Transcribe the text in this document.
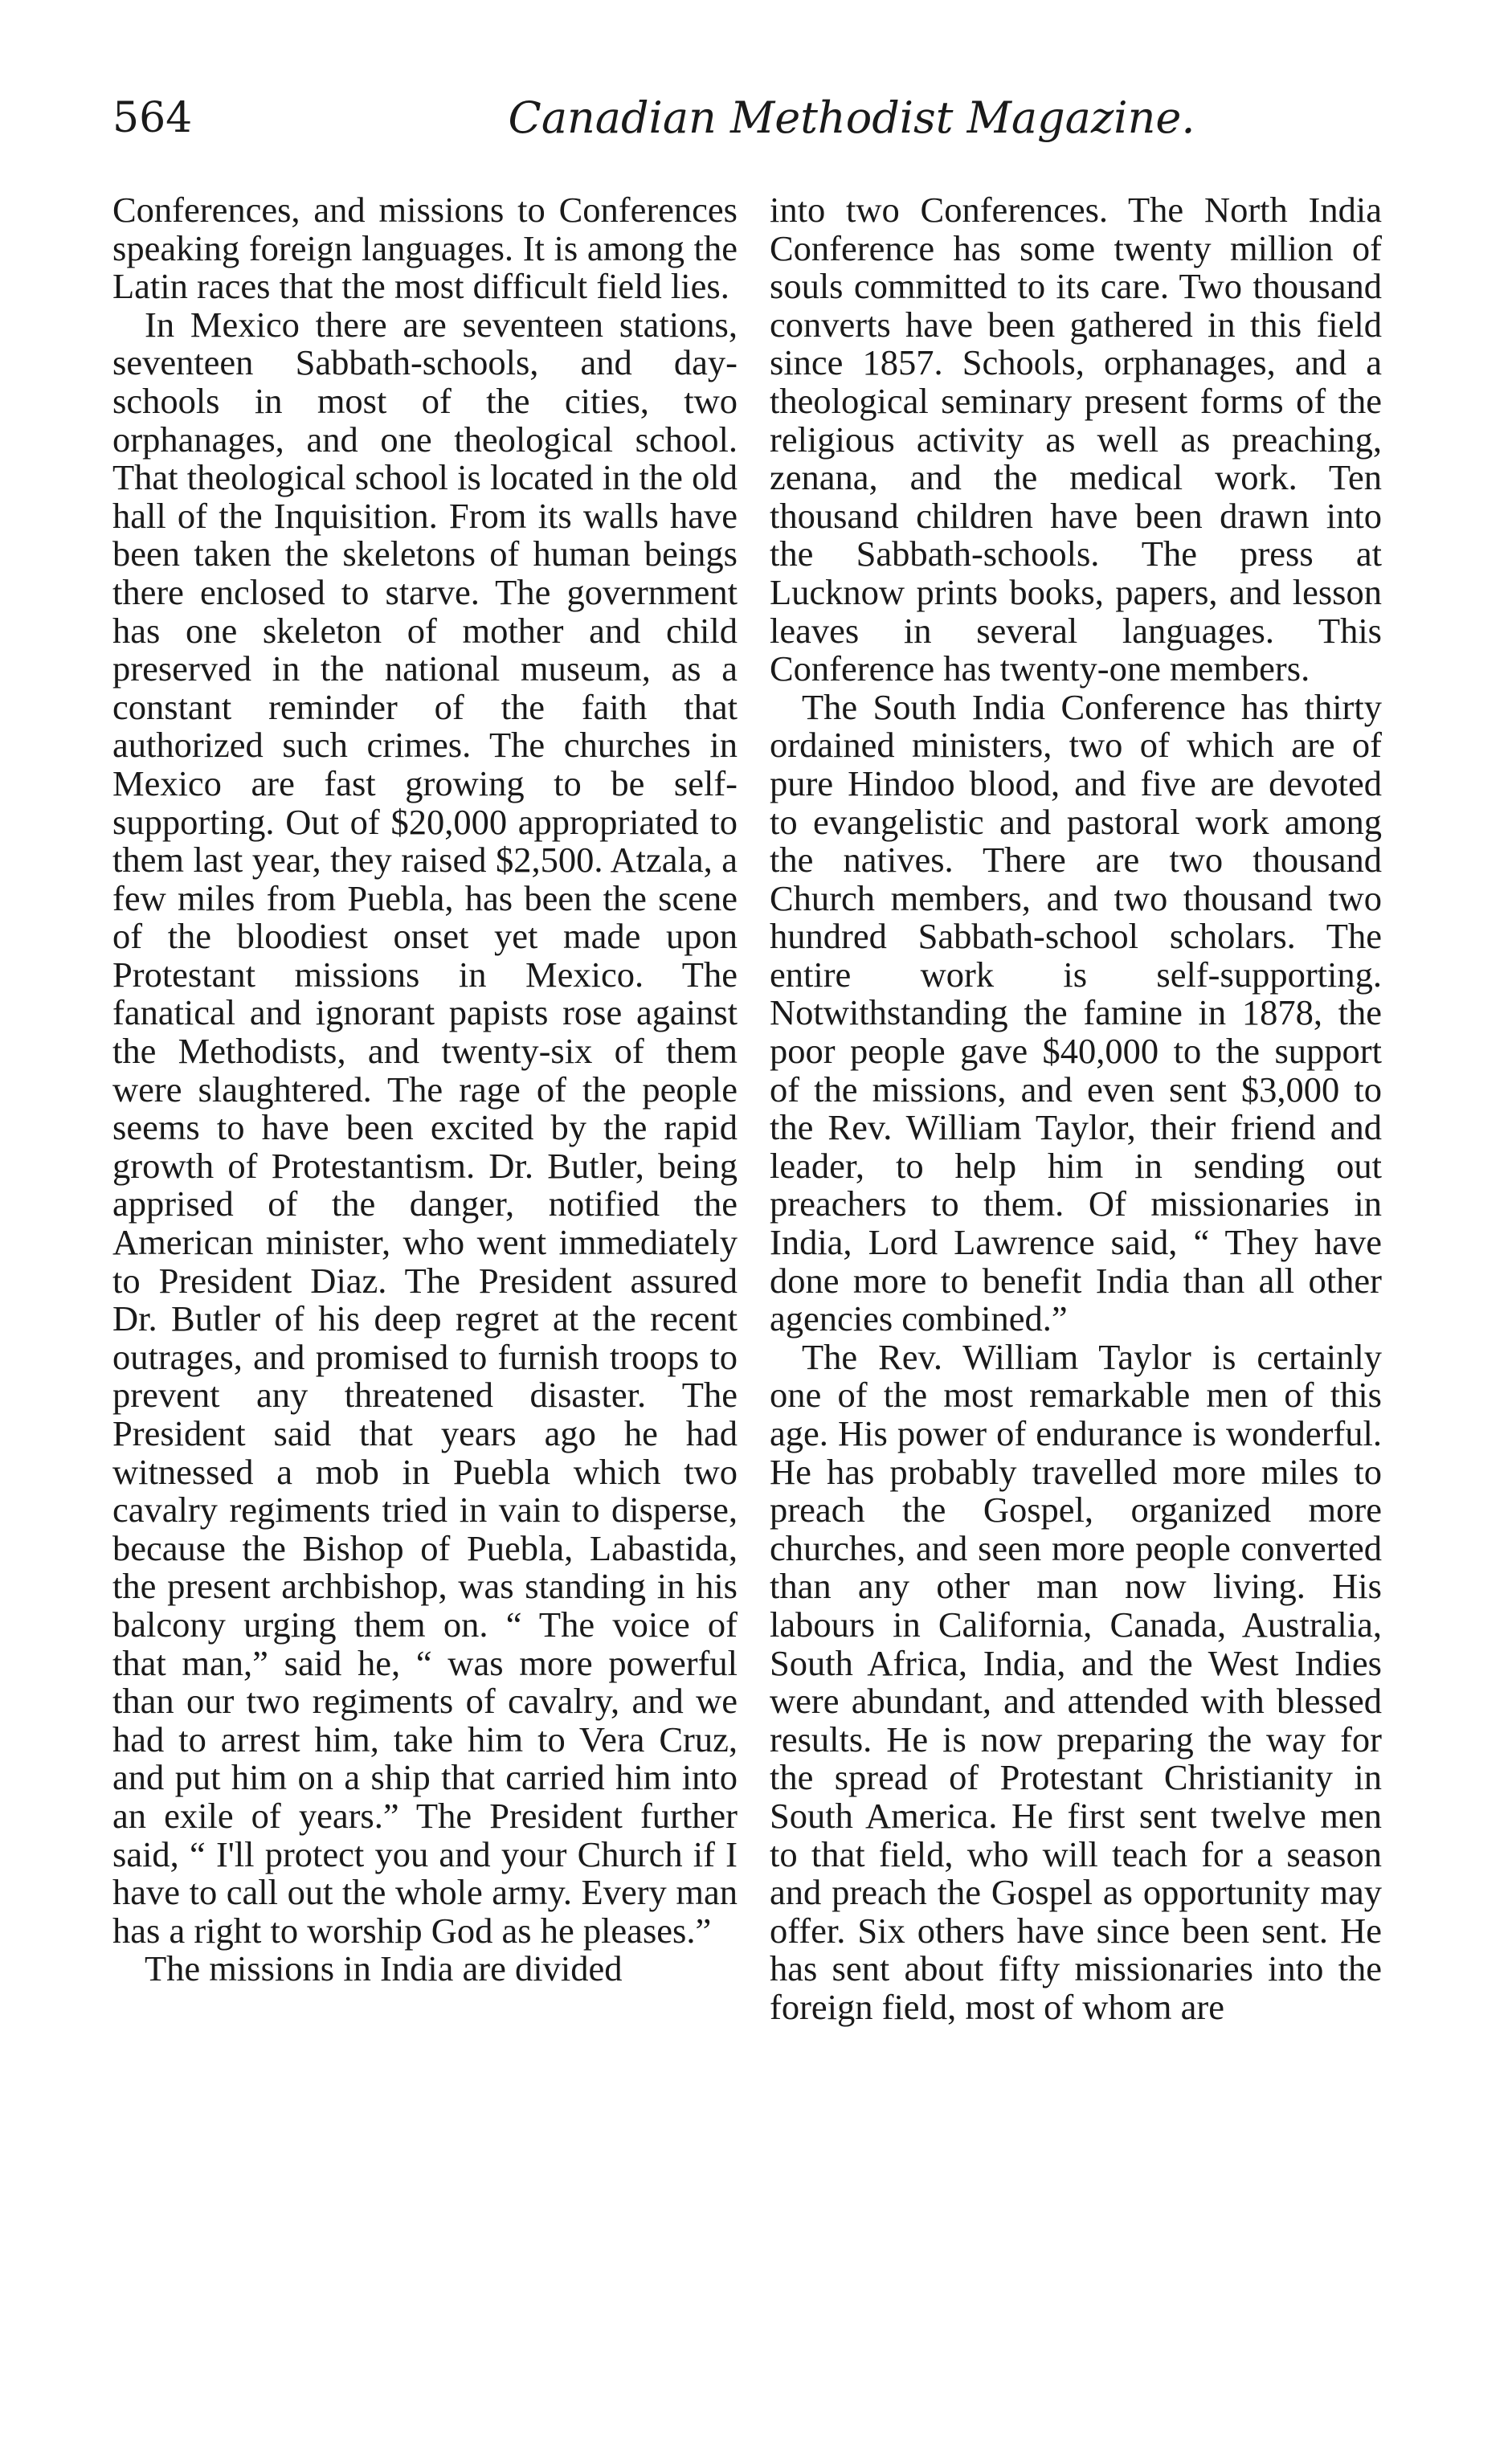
564	Canadian Methodist Magazine.

Conferences, and missions to Conferences speaking foreign languages. It is among the Latin races that the most difficult field lies.

In Mexico there are seventeen stations, seventeen Sabbath-schools, and day-schools in most of the cities, two orphanages, and one theological school. That theological school is located in the old hall of the Inquisition. From its walls have been taken the skeletons of human beings there enclosed to starve. The government has one skeleton of mother and child preserved in the national museum, as a constant reminder of the faith that authorized such crimes. The churches in Mexico are fast growing to be self-supporting. Out of $20,000 appropriated to them last year, they raised $2,500. Atzala, a few miles from Puebla, has been the scene of the bloodiest onset yet made upon Protestant missions in Mexico. The fanatical and ignorant papists rose against the Methodists, and twenty-six of them were slaughtered. The rage of the people seems to have been excited by the rapid growth of Protestantism. Dr. Butler, being apprised of the danger, notified the American minister, who went immediately to President Diaz. The President assured Dr. Butler of his deep regret at the recent outrages, and promised to furnish troops to prevent any threatened disaster. The President said that years ago he had witnessed a mob in Puebla which two cavalry regiments tried in vain to disperse, because the Bishop of Puebla, Labastida, the present archbishop, was standing in his balcony urging them on. “ The voice of that man,” said he, “ was more powerful than our two regiments of cavalry, and we had to arrest him, take him to Vera Cruz, and put him on a ship that carried him into an exile of years.” The President further said, “ I'll protect you and your Church if I have to call out the whole army. Every man has a right to worship God as he pleases.”

The missions in India are divided

into two Conferences. The North India Conference has some twenty million of souls committed to its care. Two thousand converts have been gathered in this field since 1857. Schools, orphanages, and a theological seminary present forms of the religious activity as well as preaching, zenana, and the medical work. Ten thousand children have been drawn into the Sabbath-schools. The press at Lucknow prints books, papers, and lesson leaves in several languages. This Conference has twenty-one members.

The South India Conference has thirty ordained ministers, two of which are of pure Hindoo blood, and five are devoted to evangelistic and pastoral work among the natives. There are two thousand Church members, and two thousand two hundred Sabbath-school scholars. The entire work is self-supporting. Notwithstanding the famine in 1878, the poor people gave $40,000 to the support of the missions, and even sent $3,000 to the Rev. William Taylor, their friend and leader, to help him in sending out preachers to them. Of missionaries in India, Lord Lawrence said, “ They have done more to benefit India than all other agencies combined.”

The Rev. William Taylor is certainly one of the most remarkable men of this age. His power of endurance is wonderful. He has probably travelled more miles to preach the Gospel, organized more churches, and seen more people converted than any other man now living. His labours in California, Canada, Australia, South Africa, India, and the West Indies were abundant, and attended with blessed results. He is now preparing the way for the spread of Protestant Christianity in South America. He first sent twelve men to that field, who will teach for a season and preach the Gospel as opportunity may offer. Six others have since been sent. He has sent about fifty missionaries into the foreign field, most of whom are
